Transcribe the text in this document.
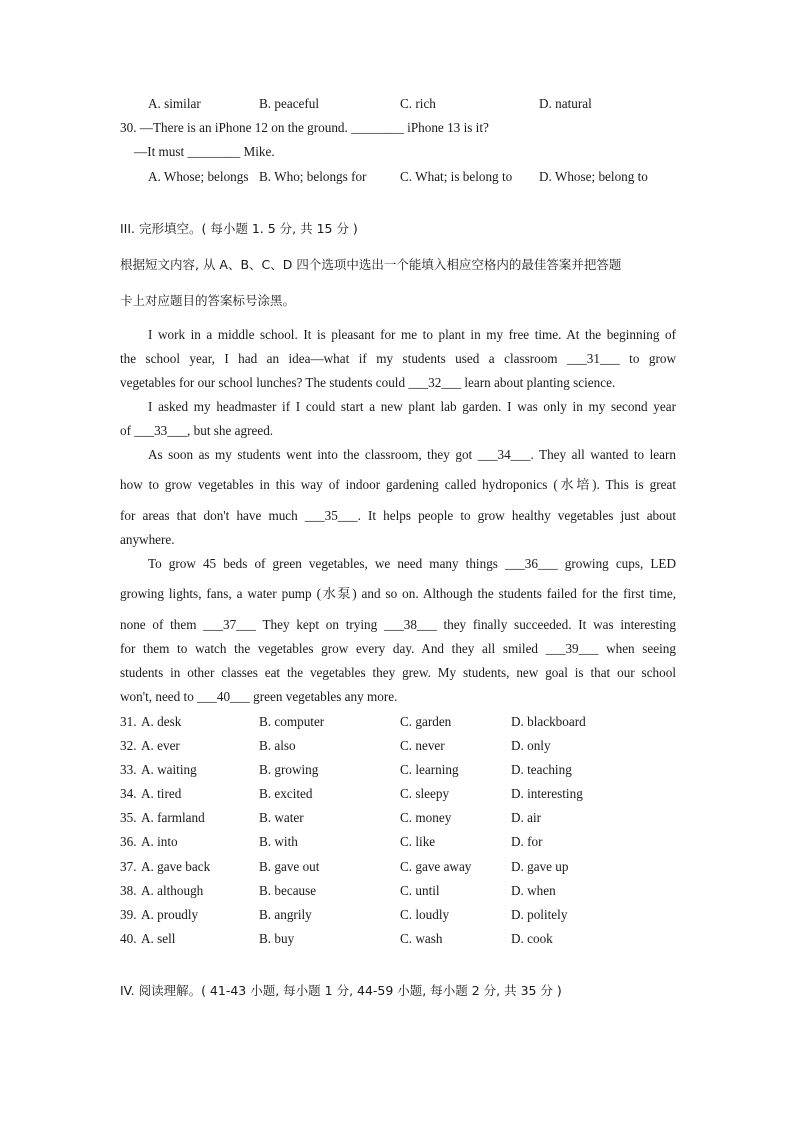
A. similar	B. peaceful	C. rich	D. natural
30. —There is an iPhone 12 on the ground. ________ iPhone 13 is it?
—It must ________ Mike.
A. Whose; belongs B. Who; belongs for	C. What; is belong to D. Whose; belong to
III. 完形填空。( 每小题 1. 5 分, 共 15 分 )
根据短文内容, 从 A、B、C、D 四个选项中选出一个能填入相应空格内的最佳答案并把答题
卡上对应题目的答案标号涂黑。
I work in a middle school. It is pleasant for me to plant in my free time. At the beginning of
the school year, I had an idea—what if my students used a classroom ___31___ to grow
vegetables for our school lunches? The students could ___32___ learn about planting science.
I asked my headmaster if I could start a new plant lab garden. I was only in my second year
of ___33___, but she agreed.
As soon as my students went into the classroom, they got ___34___. They all wanted to learn
how to grow vegetables in this way of indoor gardening called hydroponics (水培). This is great
for areas that don't have much ___35___. It helps people to grow healthy vegetables just about
anywhere.
To grow 45 beds of green vegetables, we need many things ___36___ growing cups, LED
growing lights, fans, a water pump (水泵) and so on. Although the students failed for the first time,
none of them ___37___ They kept on trying ___38___ they finally succeeded. It was interesting
for them to watch the vegetables grow every day. And they all smiled ___39___ when seeing
students in other classes eat the vegetables they grew. My students, new goal is that our school
won't, need to ___40___ green vegetables any more.
31. A. desk	B. computer	C. garden	D. blackboard
32. A. ever	B. also	C. never	D. only
33. A. waiting	B. growing	C. learning	D. teaching
34. A. tired	B. excited	C. sleepy	D. interesting
35. A. farmland	B. water	C. money	D. air
36. A. into	B. with	C. like	D. for
37. A. gave back	B. gave out	C. gave away	D. gave up
38. A. although	B. because	C. until	D. when
39. A. proudly	B. angrily	C. loudly	D. politely
40. A. sell	B. buy	C. wash	D. cook
IV. 阅读理解。( 41-43 小题, 每小题 1 分, 44-59 小题, 每小题 2 分, 共 35 分 )
